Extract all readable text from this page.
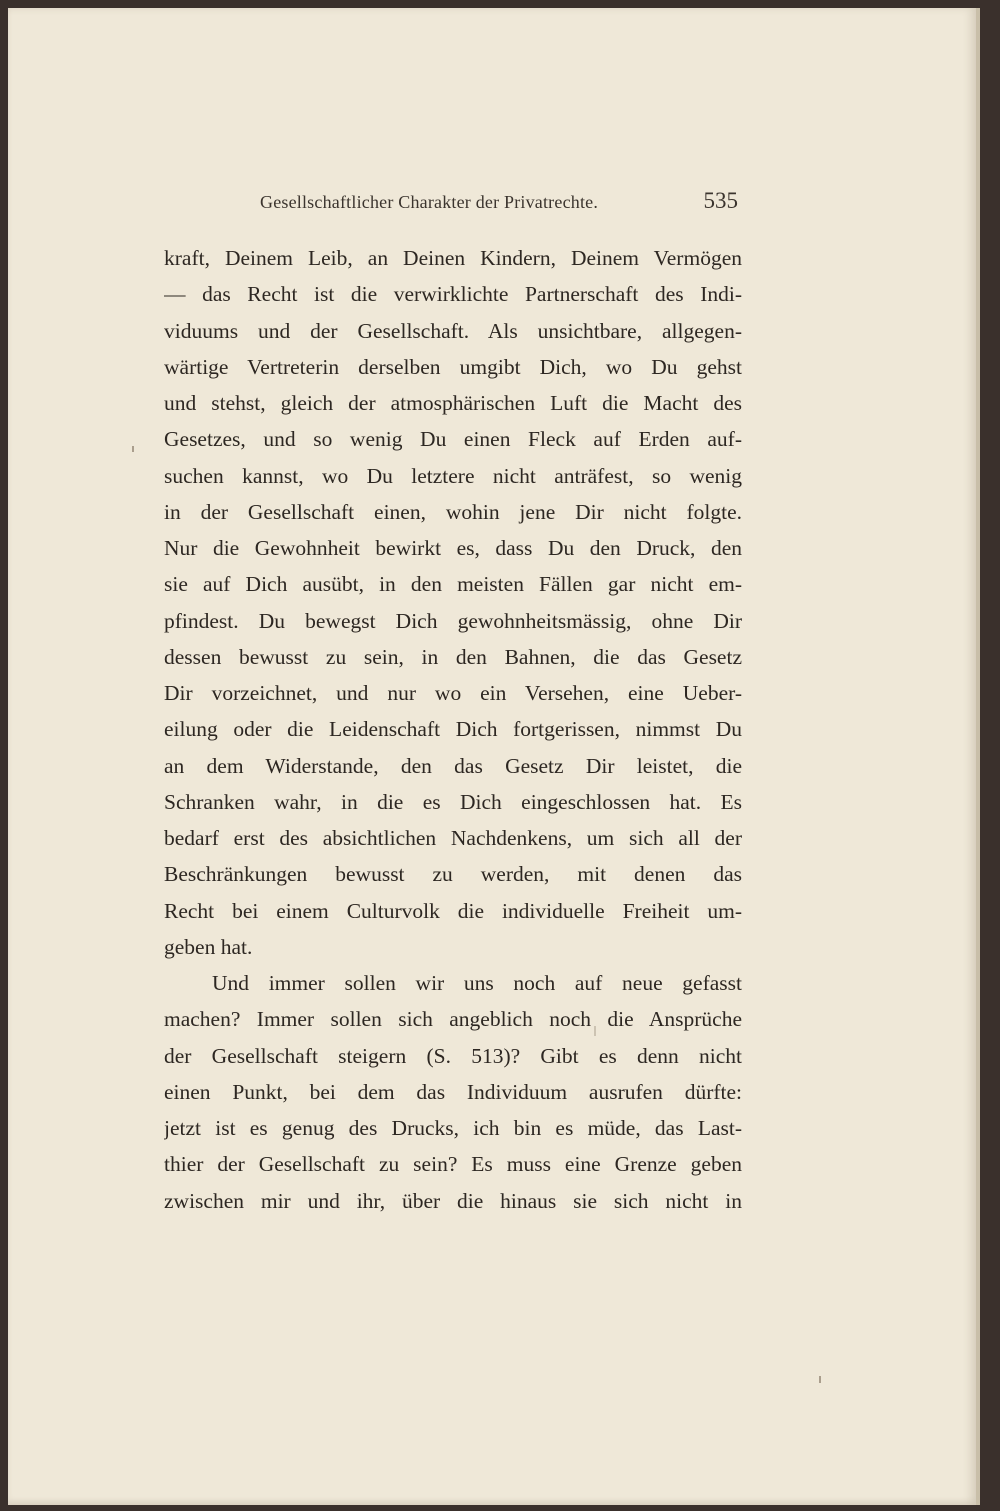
Gesellschaftlicher Charakter der Privatrechte.	535
kraft, Deinem Leib, an Deinen Kindern, Deinem Vermögen
— das Recht ist die verwirklichte Partnerschaft des Indi-
viduums und der Gesellschaft. Als unsichtbare, allgegen-
wärtige Vertreterin derselben umgibt Dich, wo Du gehst
und stehst, gleich der atmosphärischen Luft die Macht des
Gesetzes, und so wenig Du einen Fleck auf Erden auf-
suchen kannst, wo Du letztere nicht anträfest, so wenig
in der Gesellschaft einen, wohin jene Dir nicht folgte.
Nur die Gewohnheit bewirkt es, dass Du den Druck, den
sie auf Dich ausübt, in den meisten Fällen gar nicht em-
pfindest. Du bewegst Dich gewohnheitsmässig, ohne Dir
dessen bewusst zu sein, in den Bahnen, die das Gesetz
Dir vorzeichnet, und nur wo ein Versehen, eine Ueber-
eilung oder die Leidenschaft Dich fortgerissen, nimmst Du
an dem Widerstande, den das Gesetz Dir leistet, die
Schranken wahr, in die es Dich eingeschlossen hat. Es
bedarf erst des absichtlichen Nachdenkens, um sich all der
Beschränkungen bewusst zu werden, mit denen das
Recht bei einem Culturvolk die individuelle Freiheit um-
geben hat.
Und immer sollen wir uns noch auf neue gefasst
machen? Immer sollen sich angeblich noch die Ansprüche
der Gesellschaft steigern (S. 513)? Gibt es denn nicht
einen Punkt, bei dem das Individuum ausrufen dürfte:
jetzt ist es genug des Drucks, ich bin es müde, das Last-
thier der Gesellschaft zu sein? Es muss eine Grenze geben
zwischen mir und ihr, über die hinaus sie sich nicht in
